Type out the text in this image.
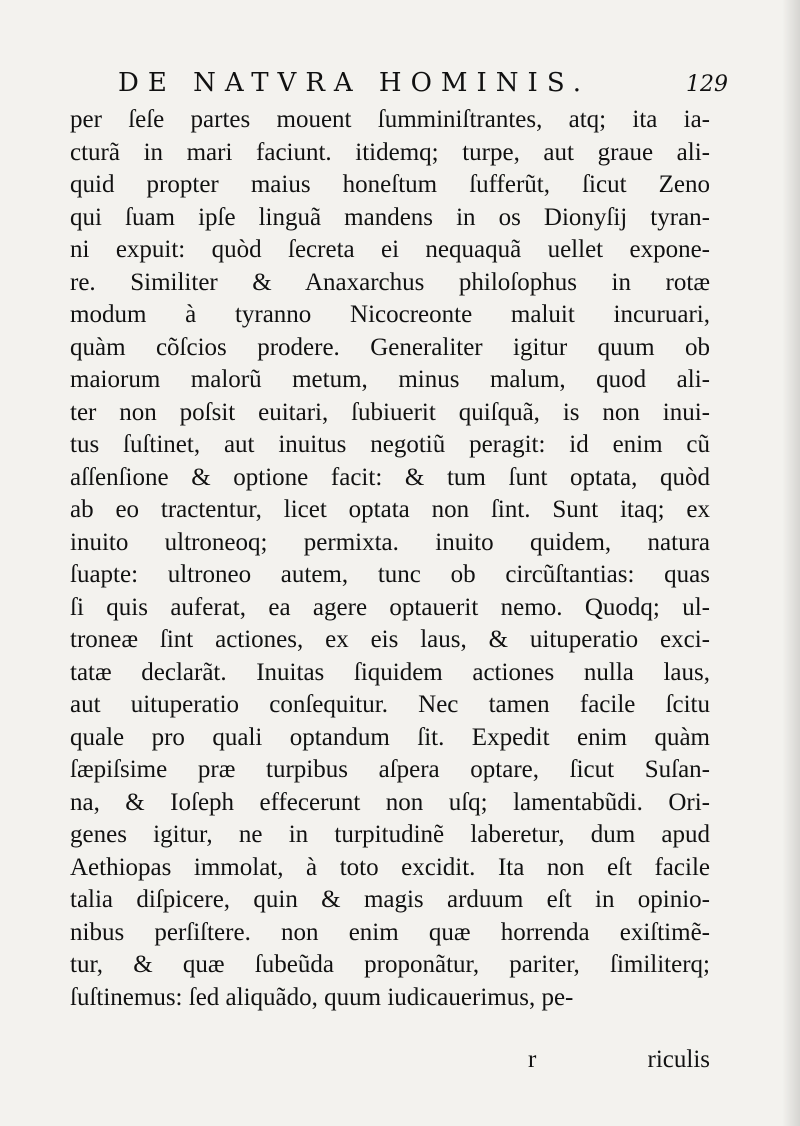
DE NATVRA HOMINIS.	129
per ſeſe partes mouent ſumminiſtrantes, atq; ita ia-
cturã in mari faciunt. itidemq; turpe, aut graue ali-
quid propter maius honeſtum ſufferũt, ſicut Zeno
qui ſuam ipſe linguã mandens in os Dionyſij tyran-
ni expuit: quòd ſecreta ei nequaquã uellet expone-
re. Similiter & Anaxarchus philoſophus in rotæ
modum à tyranno Nicocreonte maluit incuruari,
quàm cõſcios prodere. Generaliter igitur quum ob
maiorum malorũ metum, minus malum, quod ali-
ter non poſsit euitari, ſubiuerit quiſquã, is non inui-
tus ſuſtinet, aut inuitus negotiũ peragit: id enim cũ
aſſenſione & optione facit: & tum ſunt optata, quòd
ab eo tractentur, licet optata non ſint. Sunt itaq; ex
inuito ultroneoq; permixta. inuito quidem, natura
ſuapte: ultroneo autem, tunc ob circũſtantias: quas
ſi quis auferat, ea agere optauerit nemo. Quodq; ul-
troneæ ſint actiones, ex eis laus, & uituperatio exci-
tatæ declarãt. Inuitas ſiquidem actiones nulla laus,
aut uituperatio conſequitur. Nec tamen facile ſcitu
quale pro quali optandum ſit. Expedit enim quàm
ſæpiſsime præ turpibus aſpera optare, ſicut Suſan-
na, & Ioſeph effecerunt non uſq; lamentabũdi. Ori-
genes igitur, ne in turpitudinẽ laberetur, dum apud
Aethiopas immolat, à toto excidit. Ita non eſt facile
talia diſpicere, quin & magis arduum eſt in opinio-
nibus perſiſtere. non enim quæ horrenda exiſtimẽ-
tur, & quæ ſubeũda proponãtur, pariter, ſimiliterq;
ſuſtinemus: ſed aliquãdo, quum iudicauerimus, pe-
r	riculis
